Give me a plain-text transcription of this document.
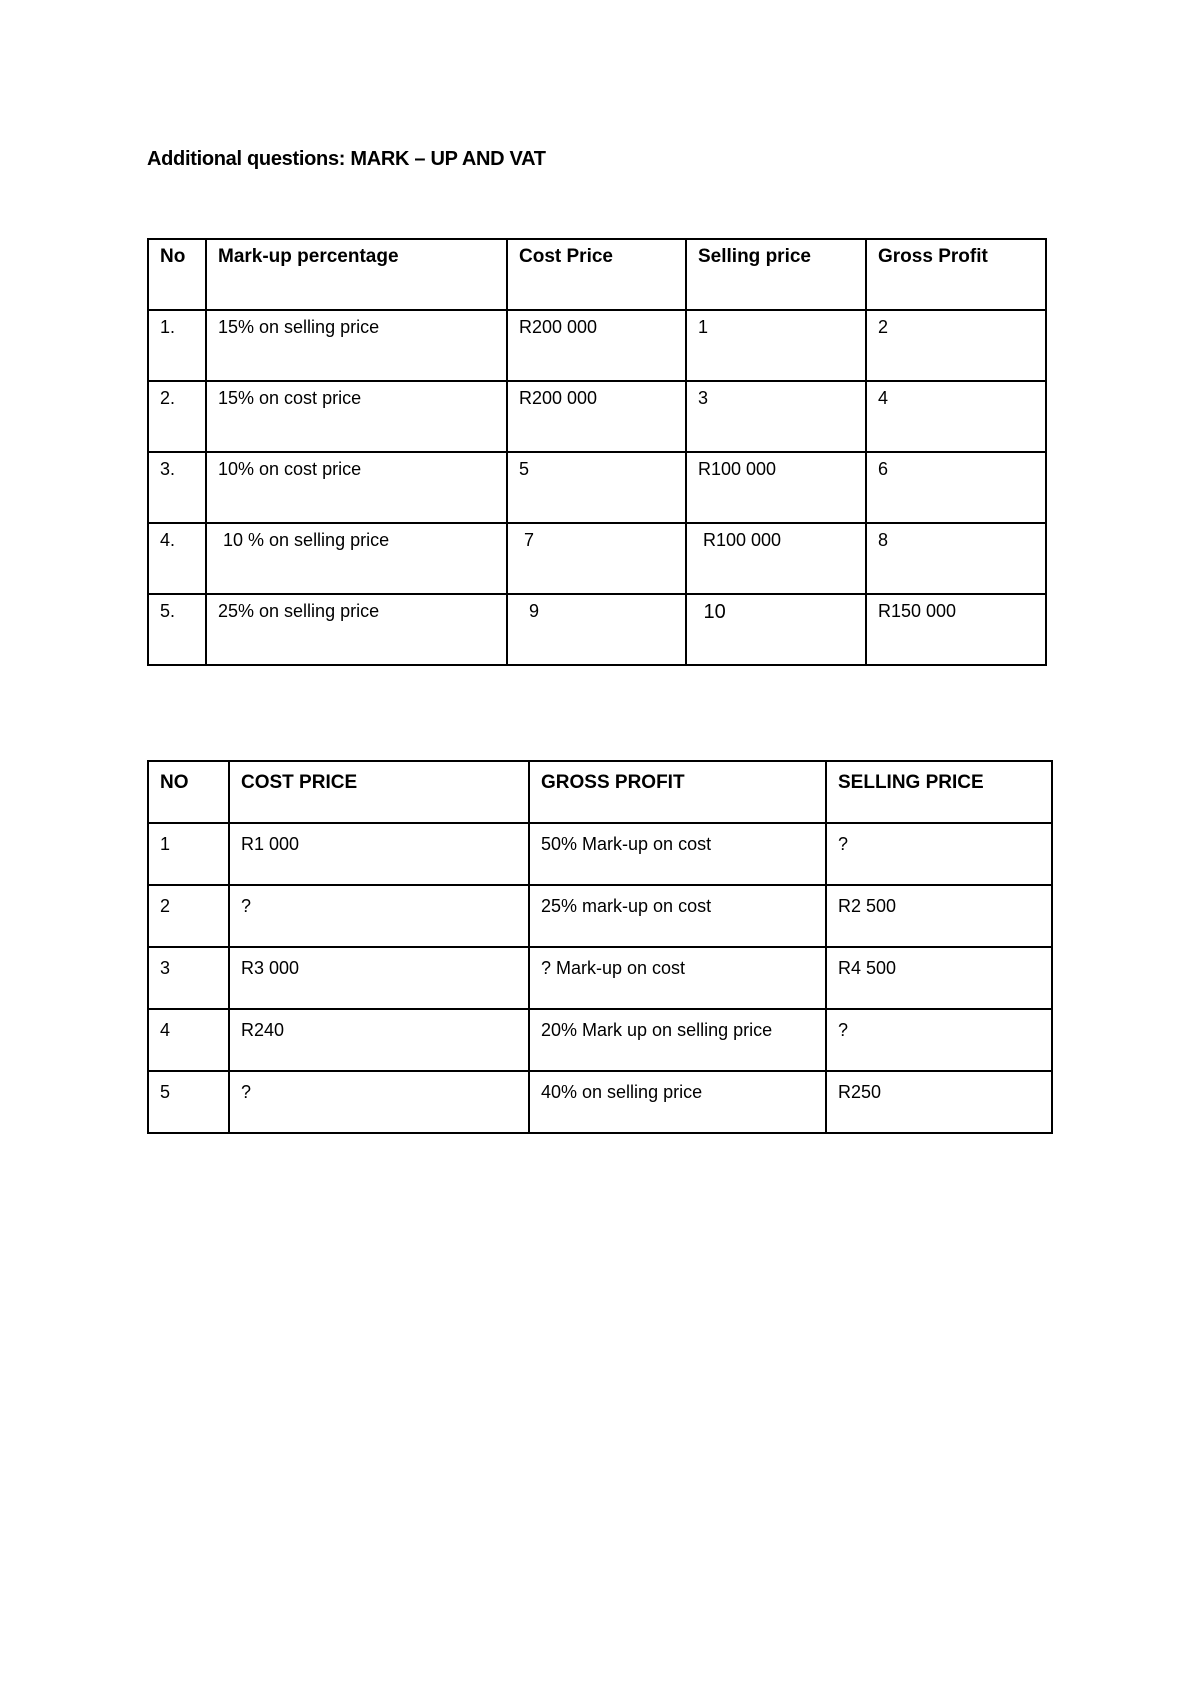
Additional questions: MARK – UP AND VAT
No	Mark-up percentage	Cost Price	Selling price	Gross Profit
1.	15% on selling price	R200 000	1	2
2.	15% on cost price	R200 000	3	4
3.	10% on cost price	5	R100 000	6
4.	10 % on selling price	7	R100 000	8
5.	25% on selling price	9	10	R150 000
NO	COST PRICE	GROSS PROFIT	SELLING PRICE
1	R1 000	50% Mark-up on cost	?
2	?	25% mark-up on cost	R2 500
3	R3 000	? Mark-up on cost	R4 500
4	R240	20% Mark up on selling price	?
5	?	40% on selling price	R250
